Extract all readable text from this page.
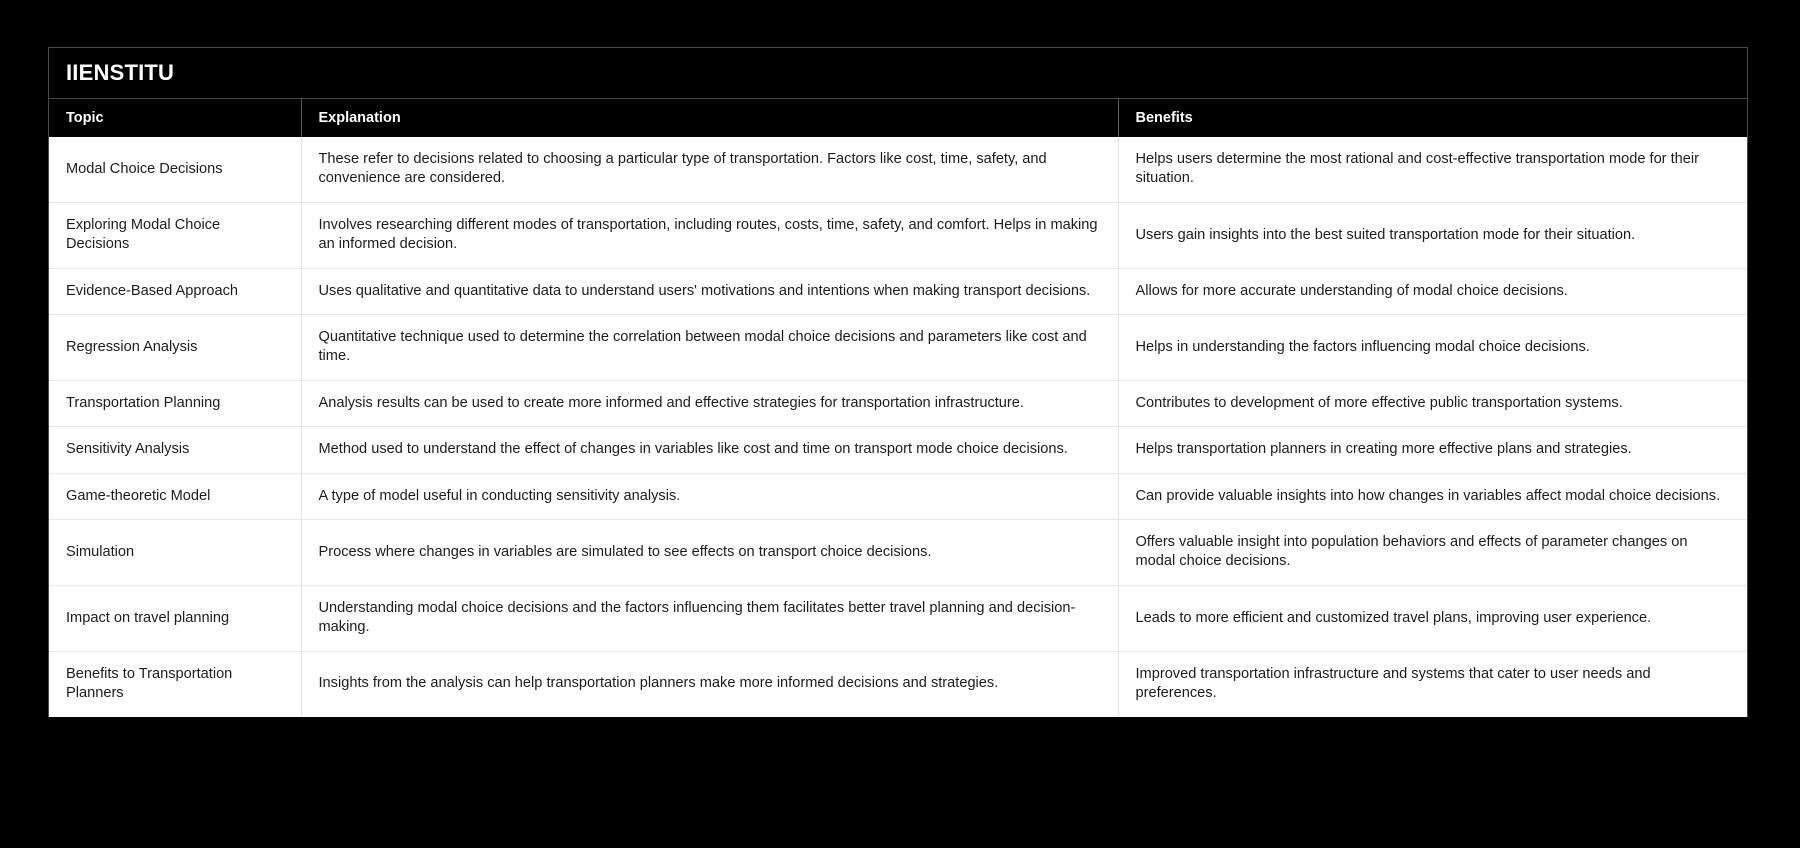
IIENSTITU
Topic	Explanation	Benefits
Modal Choice Decisions	These refer to decisions related to choosing a particular type of transportation. Factors like cost, time, safety, and convenience are considered.	Helps users determine the most rational and cost-effective transportation mode for their situation.
Exploring Modal Choice Decisions	Involves researching different modes of transportation, including routes, costs, time, safety, and comfort. Helps in making an informed decision.	Users gain insights into the best suited transportation mode for their situation.
Evidence-Based Approach	Uses qualitative and quantitative data to understand users' motivations and intentions when making transport decisions.	Allows for more accurate understanding of modal choice decisions.
Regression Analysis	Quantitative technique used to determine the correlation between modal choice decisions and parameters like cost and time.	Helps in understanding the factors influencing modal choice decisions.
Transportation Planning	Analysis results can be used to create more informed and effective strategies for transportation infrastructure.	Contributes to development of more effective public transportation systems.
Sensitivity Analysis	Method used to understand the effect of changes in variables like cost and time on transport mode choice decisions.	Helps transportation planners in creating more effective plans and strategies.
Game-theoretic Model	A type of model useful in conducting sensitivity analysis.	Can provide valuable insights into how changes in variables affect modal choice decisions.
Simulation	Process where changes in variables are simulated to see effects on transport choice decisions.	Offers valuable insight into population behaviors and effects of parameter changes on modal choice decisions.
Impact on travel planning	Understanding modal choice decisions and the factors influencing them facilitates better travel planning and decision-making.	Leads to more efficient and customized travel plans, improving user experience.
Benefits to Transportation Planners	Insights from the analysis can help transportation planners make more informed decisions and strategies.	Improved transportation infrastructure and systems that cater to user needs and preferences.
